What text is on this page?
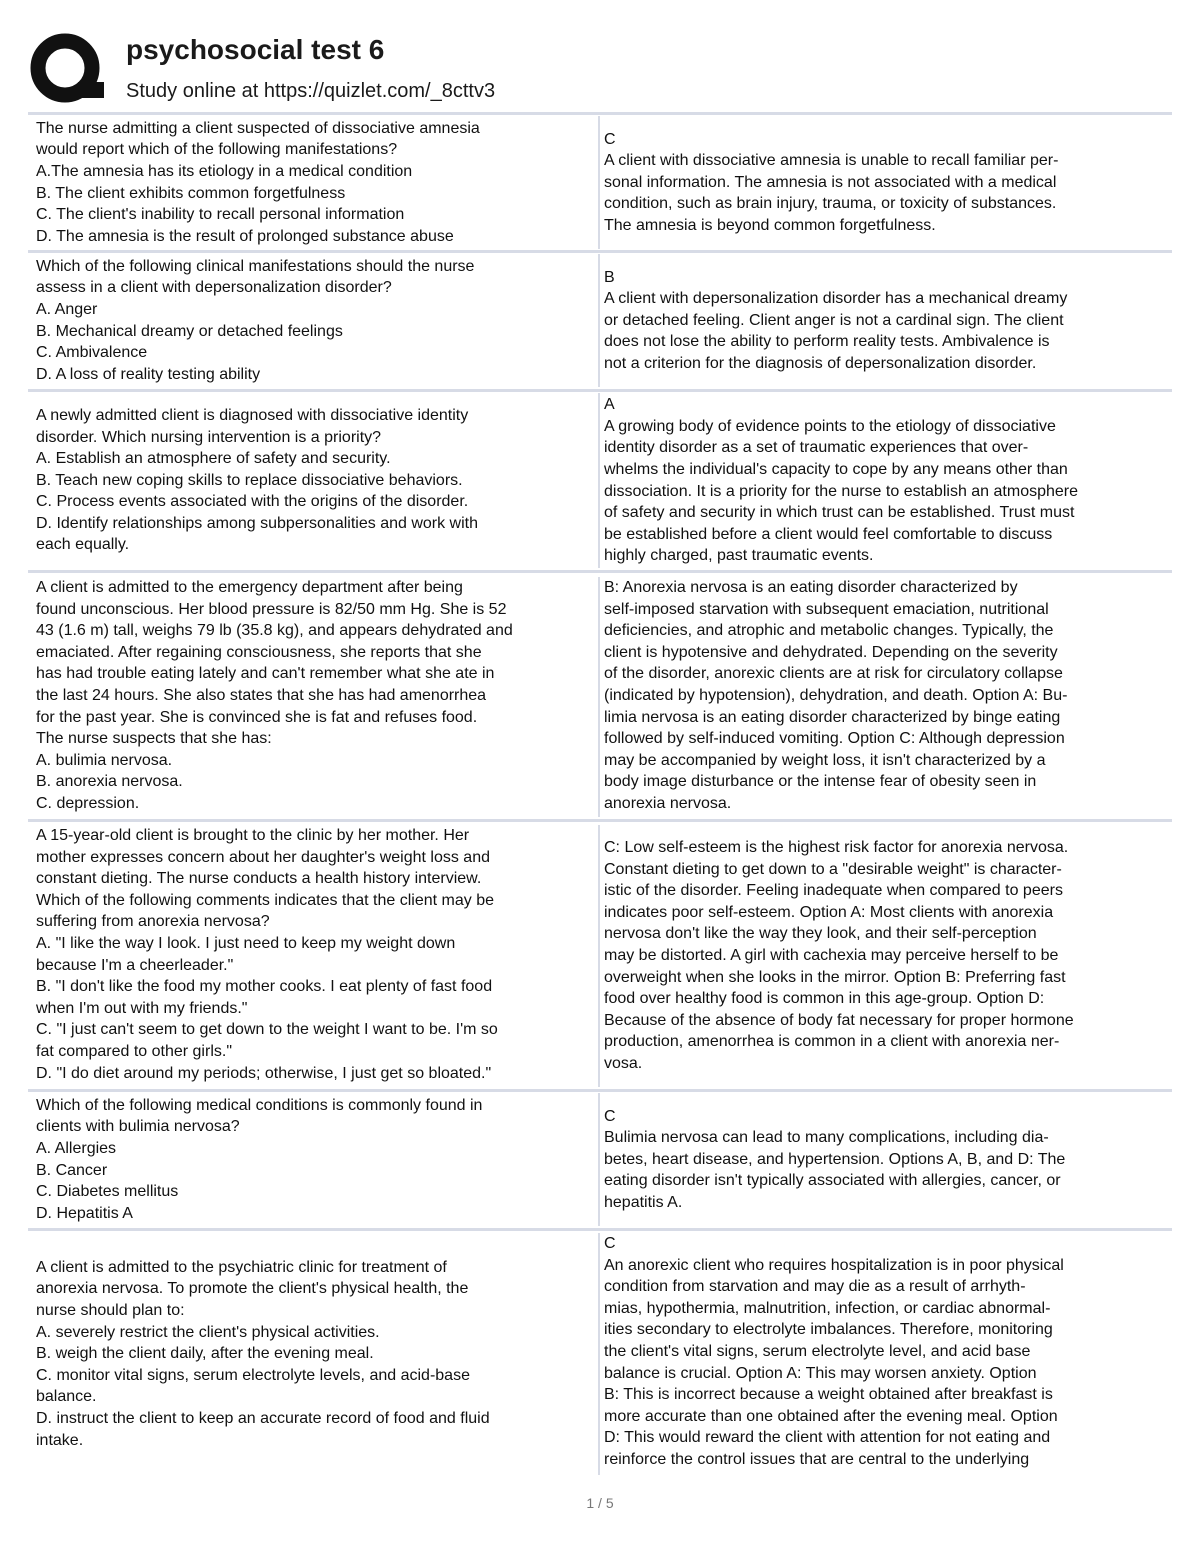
psychosocial test 6
Study online at https://quizlet.com/_8cttv3
The nurse admitting a client suspected of dissociative amnesia
would report which of the following manifestations?
A.The amnesia has its etiology in a medical condition
B. The client exhibits common forgetfulness
C. The client's inability to recall personal information
D. The amnesia is the result of prolonged substance abuse
C
A client with dissociative amnesia is unable to recall familiar per-
sonal information. The amnesia is not associated with a medical
condition, such as brain injury, trauma, or toxicity of substances.
The amnesia is beyond common forgetfulness.
Which of the following clinical manifestations should the nurse
assess in a client with depersonalization disorder?
A. Anger
B. Mechanical dreamy or detached feelings
C. Ambivalence
D. A loss of reality testing ability
B
A client with depersonalization disorder has a mechanical dreamy
or detached feeling. Client anger is not a cardinal sign. The client
does not lose the ability to perform reality tests. Ambivalence is
not a criterion for the diagnosis of depersonalization disorder.
A newly admitted client is diagnosed with dissociative identity
disorder. Which nursing intervention is a priority?
A. Establish an atmosphere of safety and security.
B. Teach new coping skills to replace dissociative behaviors.
C. Process events associated with the origins of the disorder.
D. Identify relationships among subpersonalities and work with
each equally.
A
A growing body of evidence points to the etiology of dissociative
identity disorder as a set of traumatic experiences that over-
whelms the individual's capacity to cope by any means other than
dissociation. It is a priority for the nurse to establish an atmosphere
of safety and security in which trust can be established. Trust must
be established before a client would feel comfortable to discuss
highly charged, past traumatic events.
A client is admitted to the emergency department after being
found unconscious. Her blood pressure is 82/50 mm Hg. She is 52
43 (1.6 m) tall, weighs 79 lb (35.8 kg), and appears dehydrated and
emaciated. After regaining consciousness, she reports that she
has had trouble eating lately and can't remember what she ate in
the last 24 hours. She also states that she has had amenorrhea
for the past year. She is convinced she is fat and refuses food.
The nurse suspects that she has:
A. bulimia nervosa.
B. anorexia nervosa.
C. depression.
B: Anorexia nervosa is an eating disorder characterized by
self-imposed starvation with subsequent emaciation, nutritional
deficiencies, and atrophic and metabolic changes. Typically, the
client is hypotensive and dehydrated. Depending on the severity
of the disorder, anorexic clients are at risk for circulatory collapse
(indicated by hypotension), dehydration, and death. Option A: Bu-
limia nervosa is an eating disorder characterized by binge eating
followed by self-induced vomiting. Option C: Although depression
may be accompanied by weight loss, it isn't characterized by a
body image disturbance or the intense fear of obesity seen in
anorexia nervosa.
A 15-year-old client is brought to the clinic by her mother. Her
mother expresses concern about her daughter's weight loss and
constant dieting. The nurse conducts a health history interview.
Which of the following comments indicates that the client may be
suffering from anorexia nervosa?
A. "I like the way I look. I just need to keep my weight down
because I'm a cheerleader."
B. "I don't like the food my mother cooks. I eat plenty of fast food
when I'm out with my friends."
C. "I just can't seem to get down to the weight I want to be. I'm so
fat compared to other girls."
D. "I do diet around my periods; otherwise, I just get so bloated."
C: Low self-esteem is the highest risk factor for anorexia nervosa.
Constant dieting to get down to a "desirable weight" is character-
istic of the disorder. Feeling inadequate when compared to peers
indicates poor self-esteem. Option A: Most clients with anorexia
nervosa don't like the way they look, and their self-perception
may be distorted. A girl with cachexia may perceive herself to be
overweight when she looks in the mirror. Option B: Preferring fast
food over healthy food is common in this age-group. Option D:
Because of the absence of body fat necessary for proper hormone
production, amenorrhea is common in a client with anorexia ner-
vosa.
Which of the following medical conditions is commonly found in
clients with bulimia nervosa?
A. Allergies
B. Cancer
C. Diabetes mellitus
D. Hepatitis A
C
Bulimia nervosa can lead to many complications, including dia-
betes, heart disease, and hypertension. Options A, B, and D: The
eating disorder isn't typically associated with allergies, cancer, or
hepatitis A.
A client is admitted to the psychiatric clinic for treatment of
anorexia nervosa. To promote the client's physical health, the
nurse should plan to:
A. severely restrict the client's physical activities.
B. weigh the client daily, after the evening meal.
C. monitor vital signs, serum electrolyte levels, and acid-base
balance.
D. instruct the client to keep an accurate record of food and fluid
intake.
C
An anorexic client who requires hospitalization is in poor physical
condition from starvation and may die as a result of arrhyth-
mias, hypothermia, malnutrition, infection, or cardiac abnormal-
ities secondary to electrolyte imbalances. Therefore, monitoring
the client's vital signs, serum electrolyte level, and acid base
balance is crucial. Option A: This may worsen anxiety. Option
B: This is incorrect because a weight obtained after breakfast is
more accurate than one obtained after the evening meal. Option
D: This would reward the client with attention for not eating and
reinforce the control issues that are central to the underlying
1 / 5
